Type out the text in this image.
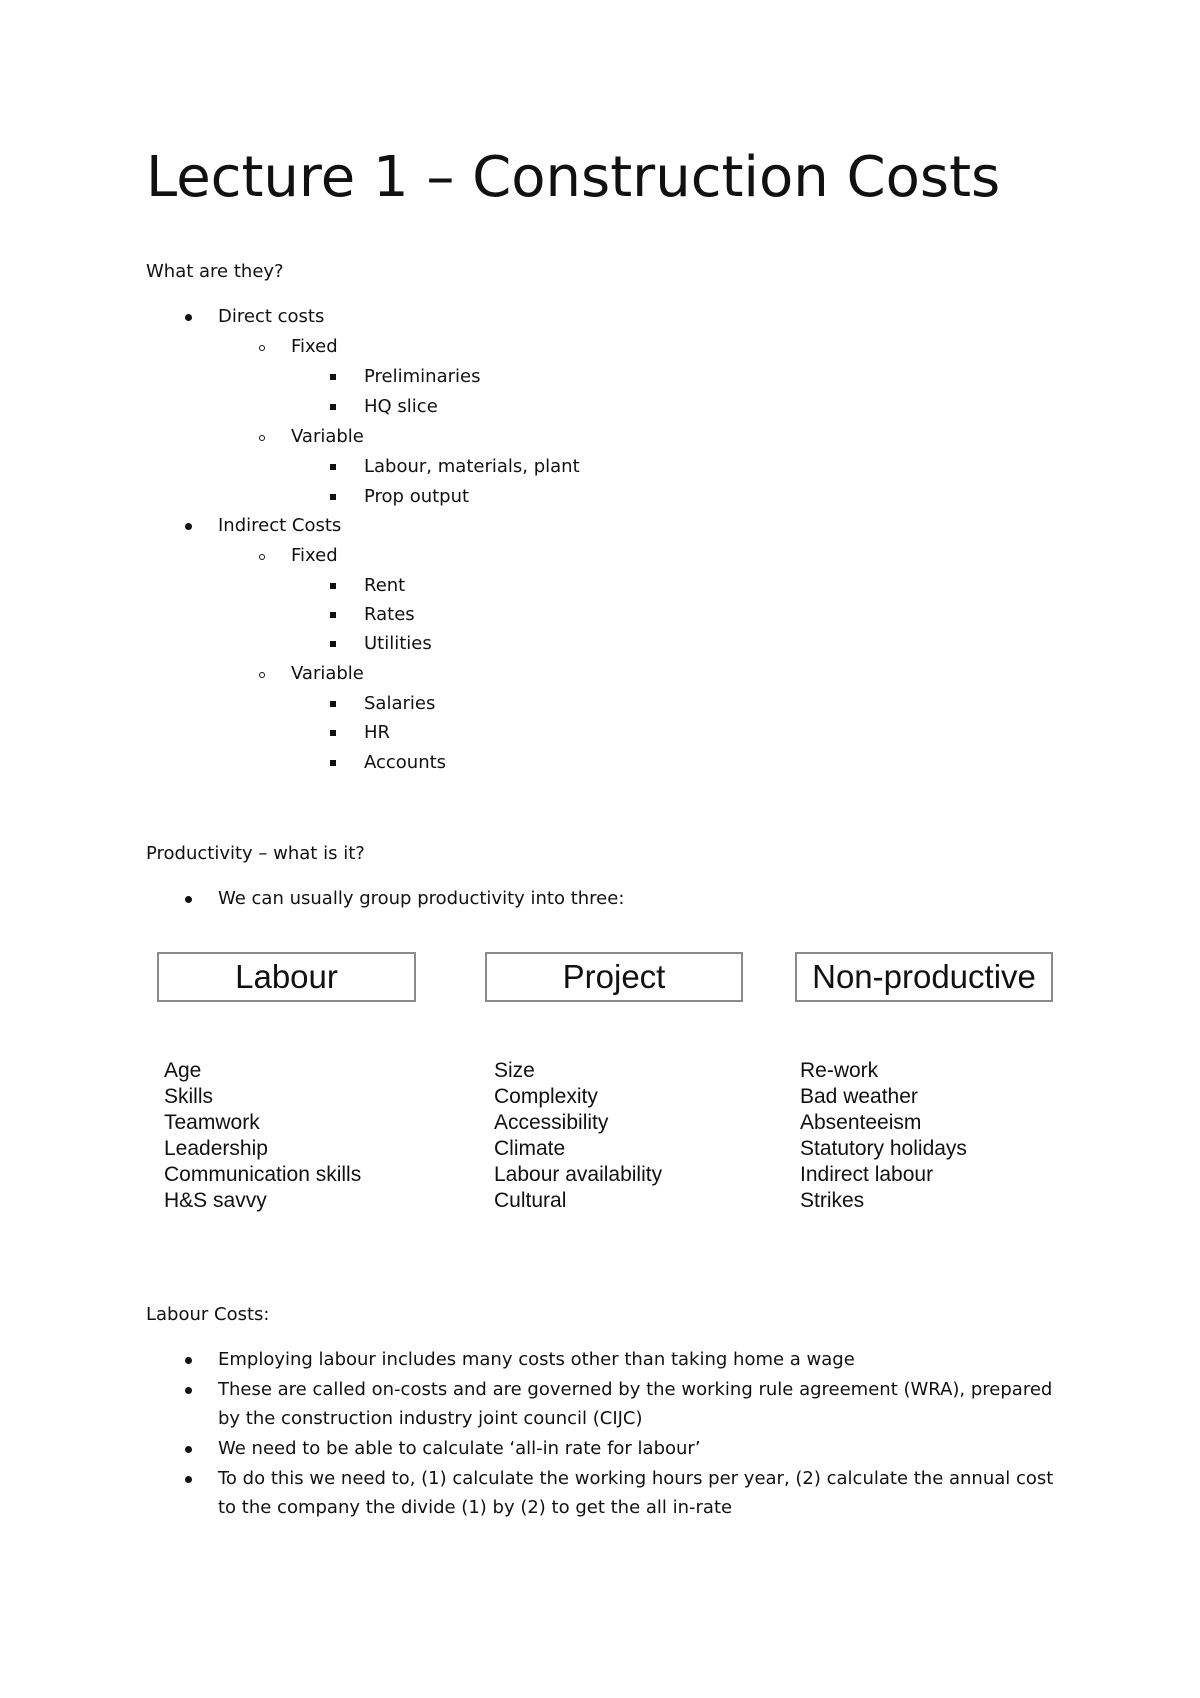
Lecture 1 – Construction Costs
What are they?
Direct costs
Fixed
Preliminaries
HQ slice
Variable
Labour, materials, plant
Prop output
Indirect Costs
Fixed
Rent
Rates
Utilities
Variable
Salaries
HR
Accounts
Productivity – what is it?
We can usually group productivity into three:
Labour	Project	Non-productive
Age
Skills
Teamwork
Leadership
Communication skills
H&S savvy
Size
Complexity
Accessibility
Climate
Labour availability
Cultural
Re-work
Bad weather
Absenteeism
Statutory holidays
Indirect labour
Strikes
Labour Costs:
Employing labour includes many costs other than taking home a wage
These are called on-costs and are governed by the working rule agreement (WRA), prepared
by the construction industry joint council (CIJC)
We need to be able to calculate ‘all-in rate for labour’
To do this we need to, (1) calculate the working hours per year, (2) calculate the annual cost
to the company the divide (1) by (2) to get the all in-rate
